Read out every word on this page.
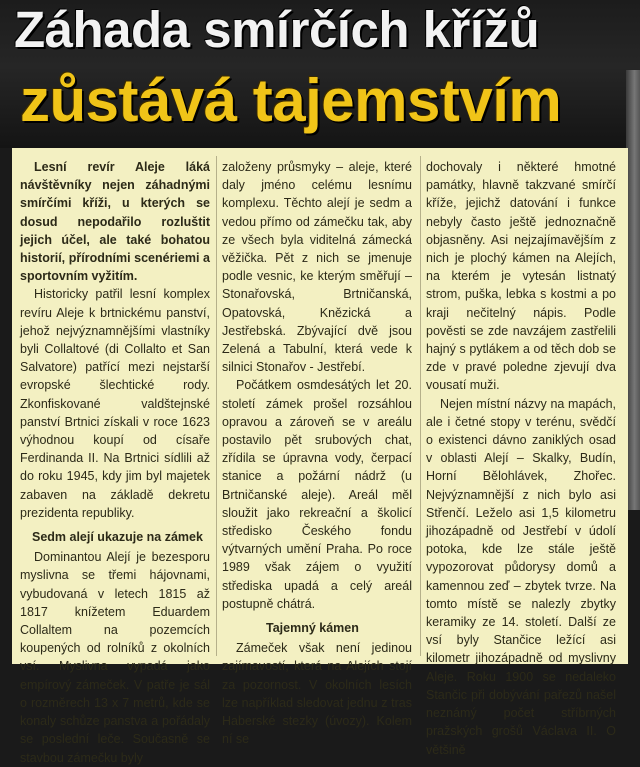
Záhada smírčích křížů
zůstává tajemstvím

Lesní revír Aleje láká návštěvníky nejen záhadnými smírčími kříži, u kterých se dosud nepodařilo rozluštit jejich účel, ale také bohatou historií, přírodními scenériemi a sportovním vyžitím.

Historicky patřil lesní komplex revíru Aleje k brtnickému panství, jehož nejvýznamnějšími vlastníky byli Collaltové (di Collalto et San Salvatore) patřící mezi nejstarší evropské šlechtické rody. Zkonfiskované valdštejnské panství Brtnici získali v roce 1623 výhodnou koupí od císaře Ferdinanda II. Na Brtnici sídlili až do roku 1945, kdy jim byl majetek zabaven na základě dekretu prezidenta republiky.

Sedm alejí ukazuje na zámek

Dominantou Alejí je bezesporu myslivna se třemi hájovnami, vybudovaná v letech 1815 až 1817 knížetem Eduardem Collaltem na pozemcích koupených od rolníků z okolních vsí. Myslivna vypadá jako empírový zámeček. V patře je sál o rozměrech 13 x 7 metrů, kde se konaly schůze panstva a pořádaly se poslední leče. Současně se stavbou zámečku byly

založeny průsmyky – aleje, které daly jméno celému lesnímu komplexu. Těchto alejí je sedm a vedou přímo od zámečku tak, aby ze všech byla viditelná zámecká věžička. Pět z nich se jmenuje podle vesnic, ke kterým směřují – Stonařovská, Brtničanská, Opatovská, Knězická a Jestřebská. Zbývající dvě jsou Zelená a Tabulní, která vede k silnici Stonařov - Jestřebí.

Počátkem osmdesátých let 20. století zámek prošel rozsáhlou opravou a zároveň se v areálu postavilo pět srubových chat, zřídila se úpravna vody, čerpací stanice a požární nádrž (u Brtničanské aleje). Areál měl sloužit jako rekreační a školicí středisko Českého fondu výtvarných umění Praha. Po roce 1989 však zájem o využití střediska upadá a celý areál postupně chátrá.

Tajemný kámen

Zámeček však není jedinou zajímavostí, která na Alejích stojí za pozornost. V okolních lesích lze například sledovat jednu z tras Haberské stezky (úvozy). Kolem ní se

dochovaly i některé hmotné památky, hlavně takzvané smírčí kříže, jejichž datování i funkce nebyly často ještě jednoznačně objasněny. Asi nejzajímavějším z nich je plochý kámen na Alejích, na kterém je vytesán listnatý strom, puška, lebka s kostmi a po kraji nečitelný nápis. Podle pověsti se zde navzájem zastřelili hajný s pytlákem a od těch dob se zde v pravé poledne zjevují dva vousatí muži.

Nejen místní názvy na mapách, ale i četné stopy v terénu, svědčí o existenci dávno zaniklých osad v oblasti Alejí – Skalky, Budín, Horní Bělohlávek, Zhořec. Nejvýznamnější z nich bylo asi Střenčí. Leželo asi 1,5 kilometru jihozápadně od Jestřebí v údolí potoka, kde lze stále ještě vypozorovat půdorysy domů a kamennou zeď – zbytek tvrze. Na tomto místě se nalezly zbytky keramiky ze 14. století. Další ze vsí byly Stančice ležící asi kilometr jihozápadně od myslivny Aleje. Roku 1900 se nedaleko Stančic při dobývání pařezů našel neznámý počet stříbrných pražských grošů Václava II. O většině
